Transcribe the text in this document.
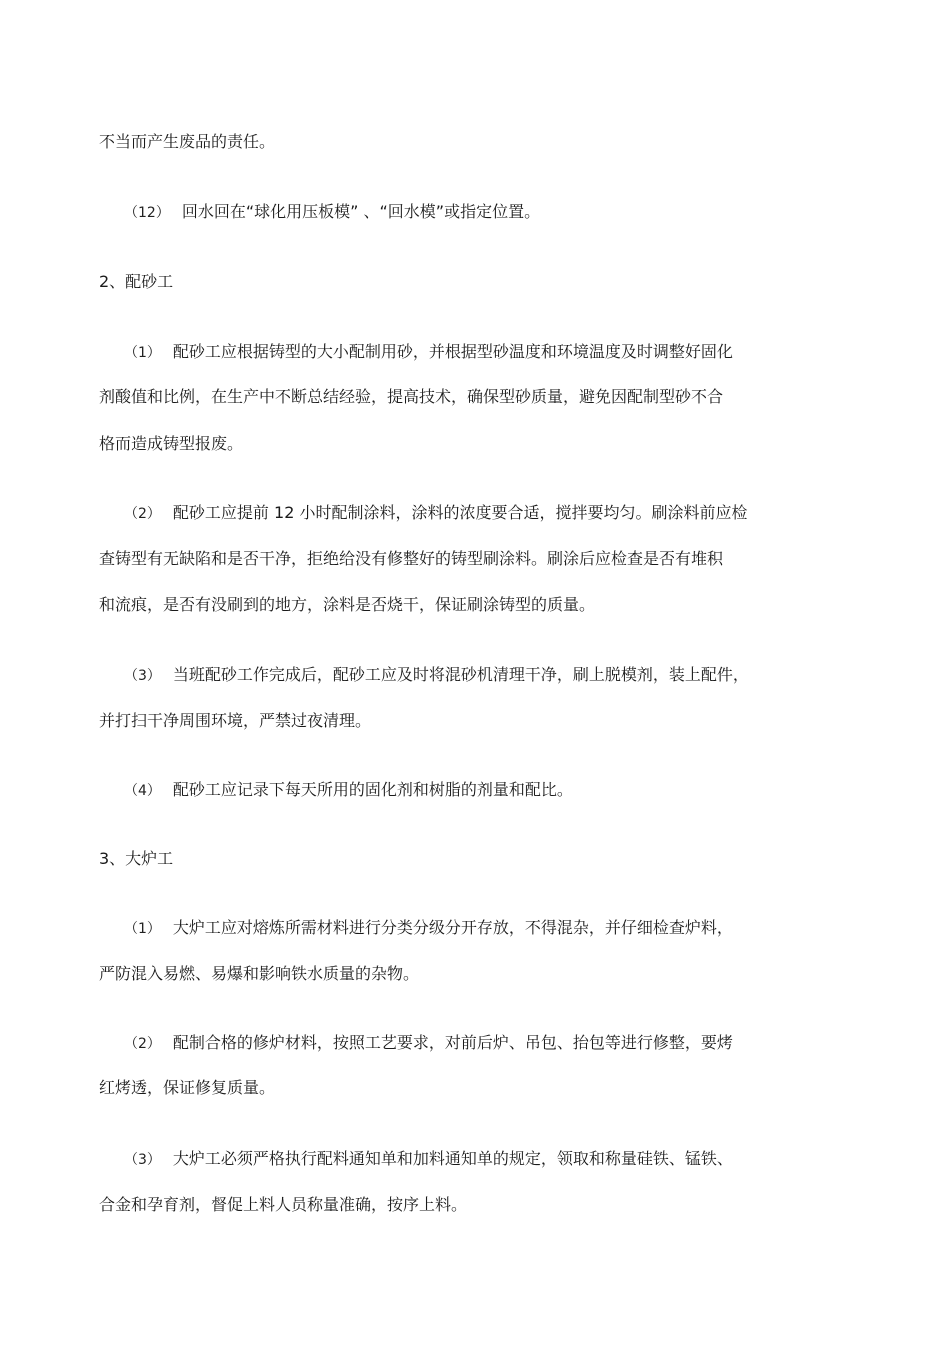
不当而产生废品的责任。
（12） 回水回在“球化用压板模” 、“回水模”或指定位置。
2、配砂工
（1） 配砂工应根据铸型的大小配制用砂，并根据型砂温度和环境温度及时调整好固化
剂酸值和比例，在生产中不断总结经验，提高技术，确保型砂质量，避免因配制型砂不合
格而造成铸型报废。
（2） 配砂工应提前 12 小时配制涂料，涂料的浓度要合适，搅拌要均匀。刷涂料前应检
查铸型有无缺陷和是否干净，拒绝给没有修整好的铸型刷涂料。刷涂后应检查是否有堆积
和流痕，是否有没刷到的地方，涂料是否烧干，保证刷涂铸型的质量。
（3） 当班配砂工作完成后，配砂工应及时将混砂机清理干净，刷上脱模剂，装上配件，
并打扫干净周围环境，严禁过夜清理。
（4） 配砂工应记录下每天所用的固化剂和树脂的剂量和配比。
3、大炉工
（1） 大炉工应对熔炼所需材料进行分类分级分开存放，不得混杂，并仔细检查炉料，
严防混入易燃、易爆和影响铁水质量的杂物。
（2） 配制合格的修炉材料，按照工艺要求，对前后炉、吊包、抬包等进行修整，要烤
红烤透，保证修复质量。
（3） 大炉工必须严格执行配料通知单和加料通知单的规定，领取和称量硅铁、锰铁、
合金和孕育剂，督促上料人员称量准确，按序上料。
